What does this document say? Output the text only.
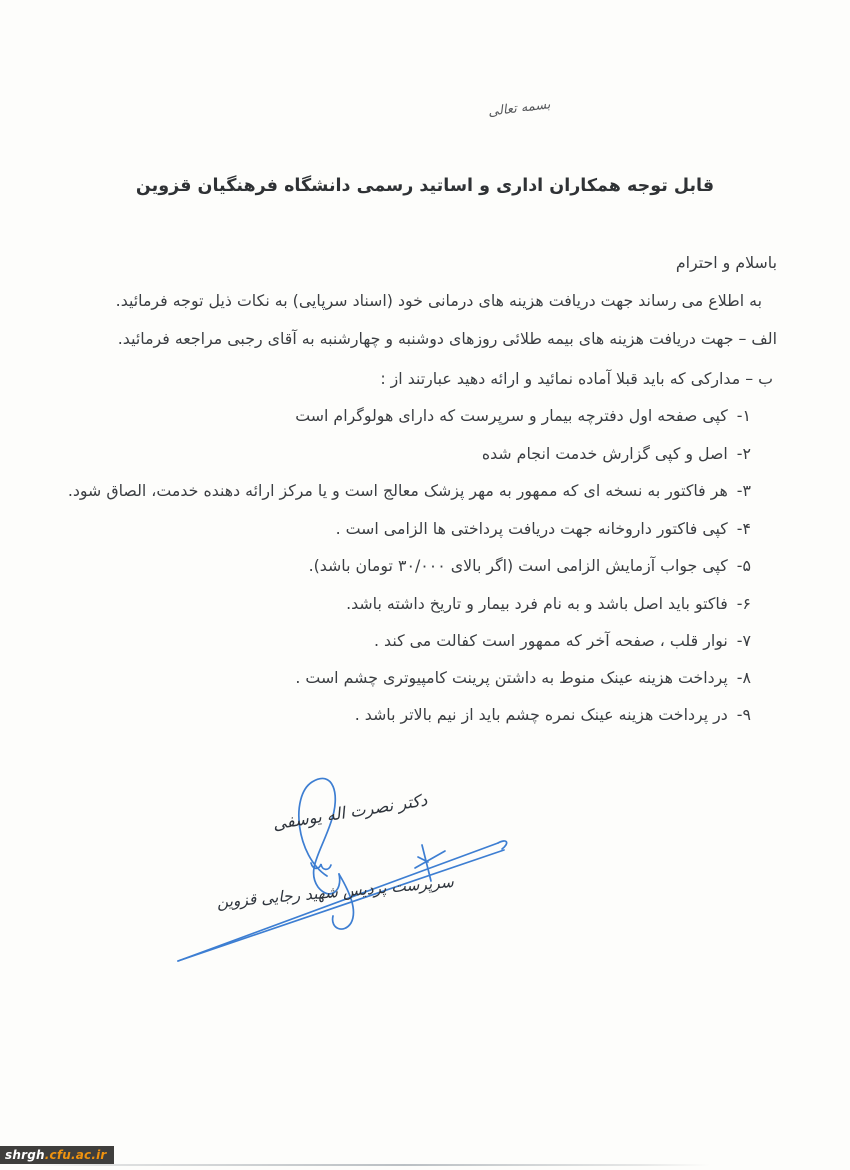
بسمه تعالی
قابل توجه همکاران اداری و اساتید رسمی دانشگاه فرهنگیان قزوین
باسلام و احترام
به اطلاع می رساند جهت دریافت هزینه های درمانی خود (اسناد سرپایی) به نکات ذیل توجه فرمائید.
الف – جهت دریافت هزینه های بیمه طلائی روزهای دوشنبه و چهارشنبه به آقای رجبی مراجعه فرمائید.
ب – مدارکی که باید قبلا آماده نمائید و ارائه دهید عبارتند از :
۱-کپی صفحه اول دفترچه بیمار و سرپرست که دارای هولوگرام است
۲-اصل و کپی گزارش خدمت انجام شده
۳-هر فاکتور به نسخه ای که ممهور به مهر پزشک معالج است و یا مرکز ارائه دهنده خدمت، الصاق شود.
۴-کپی فاکتور داروخانه جهت دریافت پرداختی ها الزامی است .
۵-کپی جواب آزمایش الزامی است (اگر بالای ۳۰/۰۰۰ تومان باشد).
۶-فاکتو باید اصل باشد و به نام فرد بیمار و تاریخ داشته باشد.
۷-نوار قلب ، صفحه آخر که ممهور است کفالت می کند .
۸-پرداخت هزینه عینک منوط به داشتن پرینت کامپیوتری چشم است .
۹-در پرداخت هزینه عینک نمره چشم باید از نیم بالاتر باشد .
دکتر نصرت اله یوسفی
سرپرست پردیس شهید رجایی قزوین
shrgh.cfu.ac.ir
